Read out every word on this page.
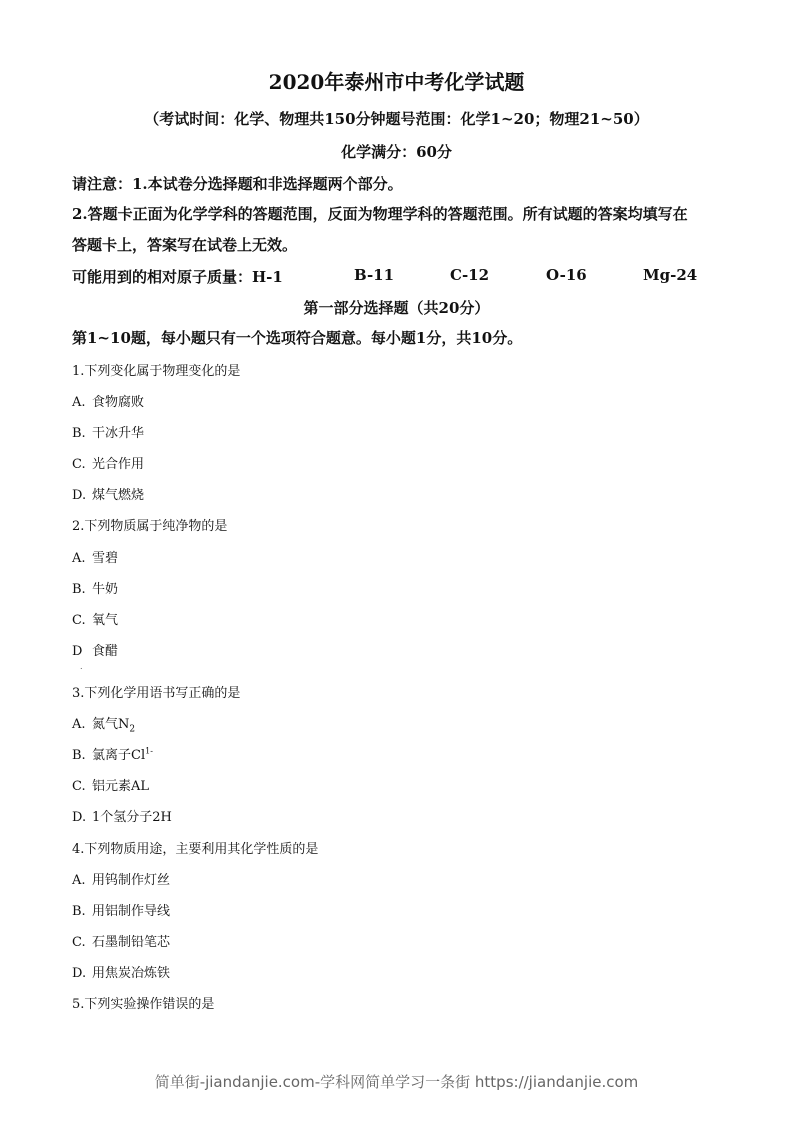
2020年泰州市中考化学试题
（考试时间：化学、物理共150分钟题号范围：化学1~20；物理21~50）
化学满分：60分
请注意：1.本试卷分选择题和非选择题两个部分。
2.答题卡正面为化学学科的答题范围，反面为物理学科的答题范围。所有试题的答案均填写在
答题卡上，答案写在试卷上无效。
可能用到的相对原子质量：H-1	B-11	C-12	O-16	Mg-24
第一部分选择题（共20分）
第1~10题，每小题只有一个选项符合题意。每小题1分，共10分。
1.下列变化属于物理变化的是
A. 食物腐败
B. 干冰升华
C. 光合作用
D. 煤气燃烧
2.下列物质属于纯净物的是
A. 雪碧
B. 牛奶
C. 氧气
D 食醋
.
3.下列化学用语书写正确的是
A. 氮气$N_2$
B. 氯离子$Cl^{1-}$
C. 铝元素AL
D. 1个氢分子2H
4.下列物质用途，主要利用其化学性质的是
A. 用钨制作灯丝
B. 用铝制作导线
C. 石墨制铅笔芯
D. 用焦炭冶炼铁
5.下列实验操作错误的是
简单街-jiandanjie.com-学科网简单学习一条街 https://jiandanjie.com
